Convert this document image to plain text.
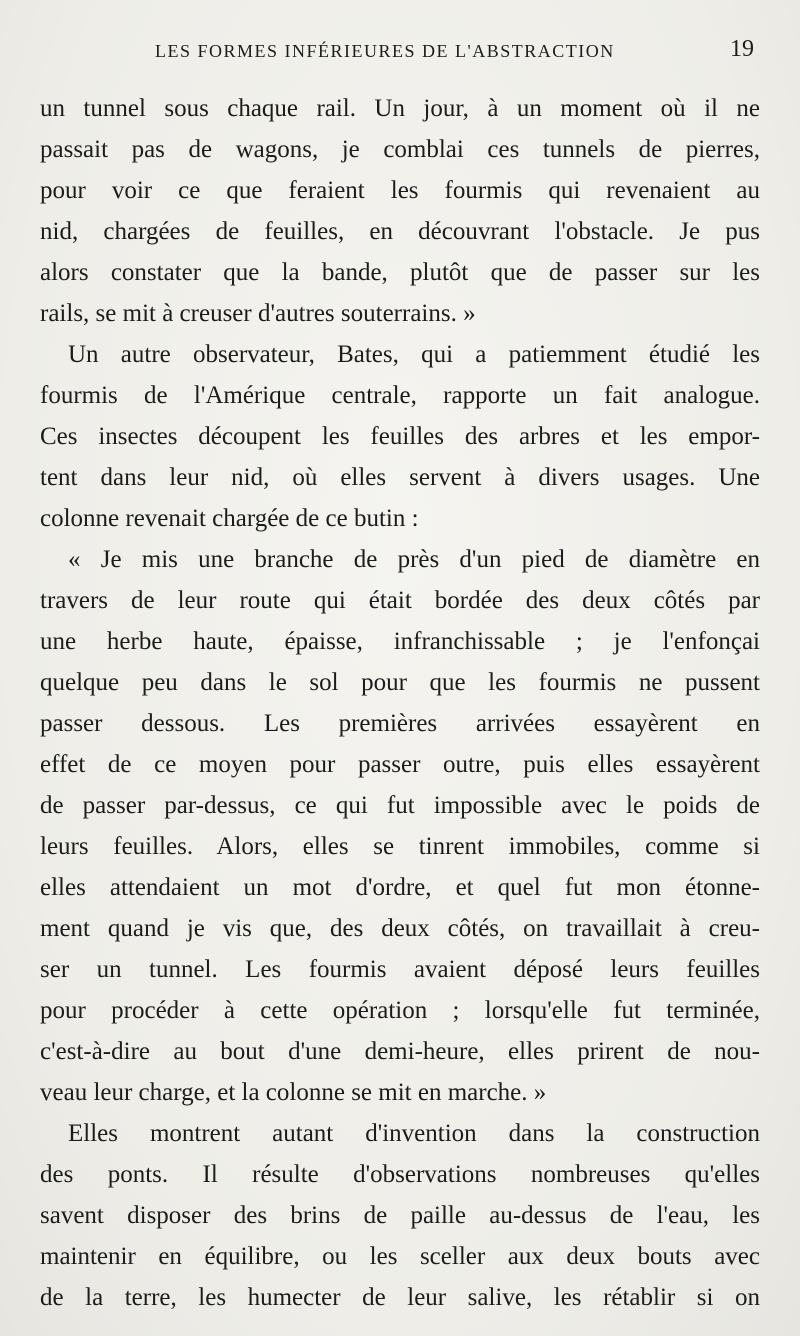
LES FORMES INFÉRIEURES DE L'ABSTRACTION	19
un tunnel sous chaque rail. Un jour, à un moment où il ne
passait pas de wagons, je comblai ces tunnels de pierres,
pour voir ce que feraient les fourmis qui revenaient au
nid, chargées de feuilles, en découvrant l'obstacle. Je pus
alors constater que la bande, plutôt que de passer sur les
rails, se mit à creuser d'autres souterrains. »
Un autre observateur, Bates, qui a patiemment étudié les
fourmis de l'Amérique centrale, rapporte un fait analogue.
Ces insectes découpent les feuilles des arbres et les empor-
tent dans leur nid, où elles servent à divers usages. Une
colonne revenait chargée de ce butin :
« Je mis une branche de près d'un pied de diamètre en
travers de leur route qui était bordée des deux côtés par
une herbe haute, épaisse, infranchissable ; je l'enfonçai
quelque peu dans le sol pour que les fourmis ne pussent
passer dessous. Les premières arrivées essayèrent en
effet de ce moyen pour passer outre, puis elles essayèrent
de passer par-dessus, ce qui fut impossible avec le poids de
leurs feuilles. Alors, elles se tinrent immobiles, comme si
elles attendaient un mot d'ordre, et quel fut mon étonne-
ment quand je vis que, des deux côtés, on travaillait à creu-
ser un tunnel. Les fourmis avaient déposé leurs feuilles
pour procéder à cette opération ; lorsqu'elle fut terminée,
c'est-à-dire au bout d'une demi-heure, elles prirent de nou-
veau leur charge, et la colonne se mit en marche. »
Elles montrent autant d'invention dans la construction
des ponts. Il résulte d'observations nombreuses qu'elles
savent disposer des brins de paille au-dessus de l'eau, les
maintenir en équilibre, ou les sceller aux deux bouts avec
de la terre, les humecter de leur salive, les rétablir si on
